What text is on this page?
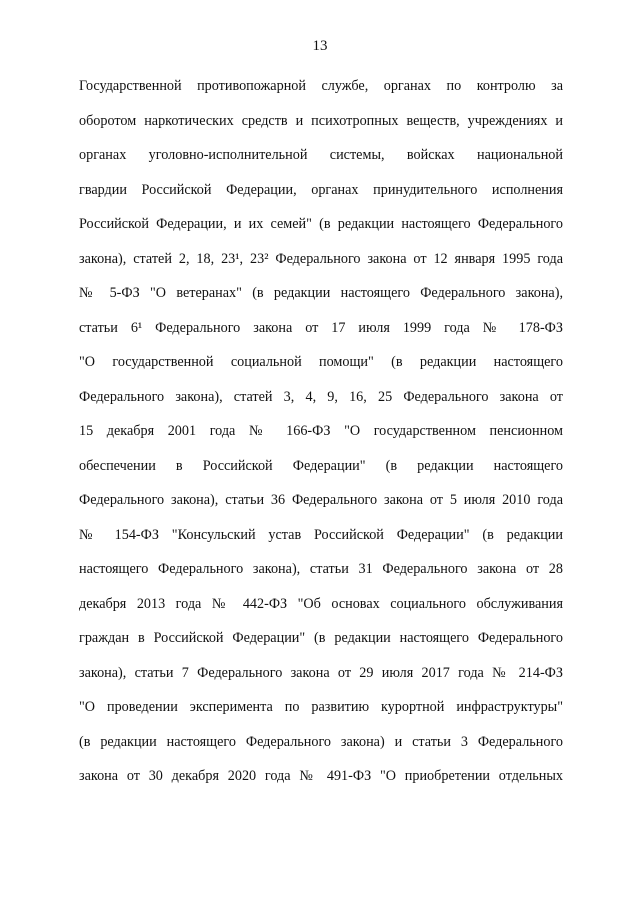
13
Государственной противопожарной службе, органах по контролю за
оборотом наркотических средств и психотропных веществ, учреждениях и
органах уголовно-исполнительной системы, войсках национальной
гвардии Российской Федерации, органах принудительного исполнения
Российской Федерации, и их семей" (в редакции настоящего Федерального
закона), статей 2, 18, 23¹, 23² Федерального закона от 12 января 1995 года
№ 5-ФЗ "О ветеранах" (в редакции настоящего Федерального закона),
статьи 6¹ Федерального закона от 17 июля 1999 года № 178-ФЗ
"О государственной социальной помощи" (в редакции настоящего
Федерального закона), статей 3, 4, 9, 16, 25 Федерального закона от
15 декабря 2001 года № 166-ФЗ "О государственном пенсионном
обеспечении в Российской Федерации" (в редакции настоящего
Федерального закона), статьи 36 Федерального закона от 5 июля 2010 года
№ 154-ФЗ "Консульский устав Российской Федерации" (в редакции
настоящего Федерального закона), статьи 31 Федерального закона от 28
декабря 2013 года № 442-ФЗ "Об основах социального обслуживания
граждан в Российской Федерации" (в редакции настоящего Федерального
закона), статьи 7 Федерального закона от 29 июля 2017 года № 214-ФЗ
"О проведении эксперимента по развитию курортной инфраструктуры"
(в редакции настоящего Федерального закона) и статьи 3 Федерального
закона от 30 декабря 2020 года № 491-ФЗ "О приобретении отдельных
